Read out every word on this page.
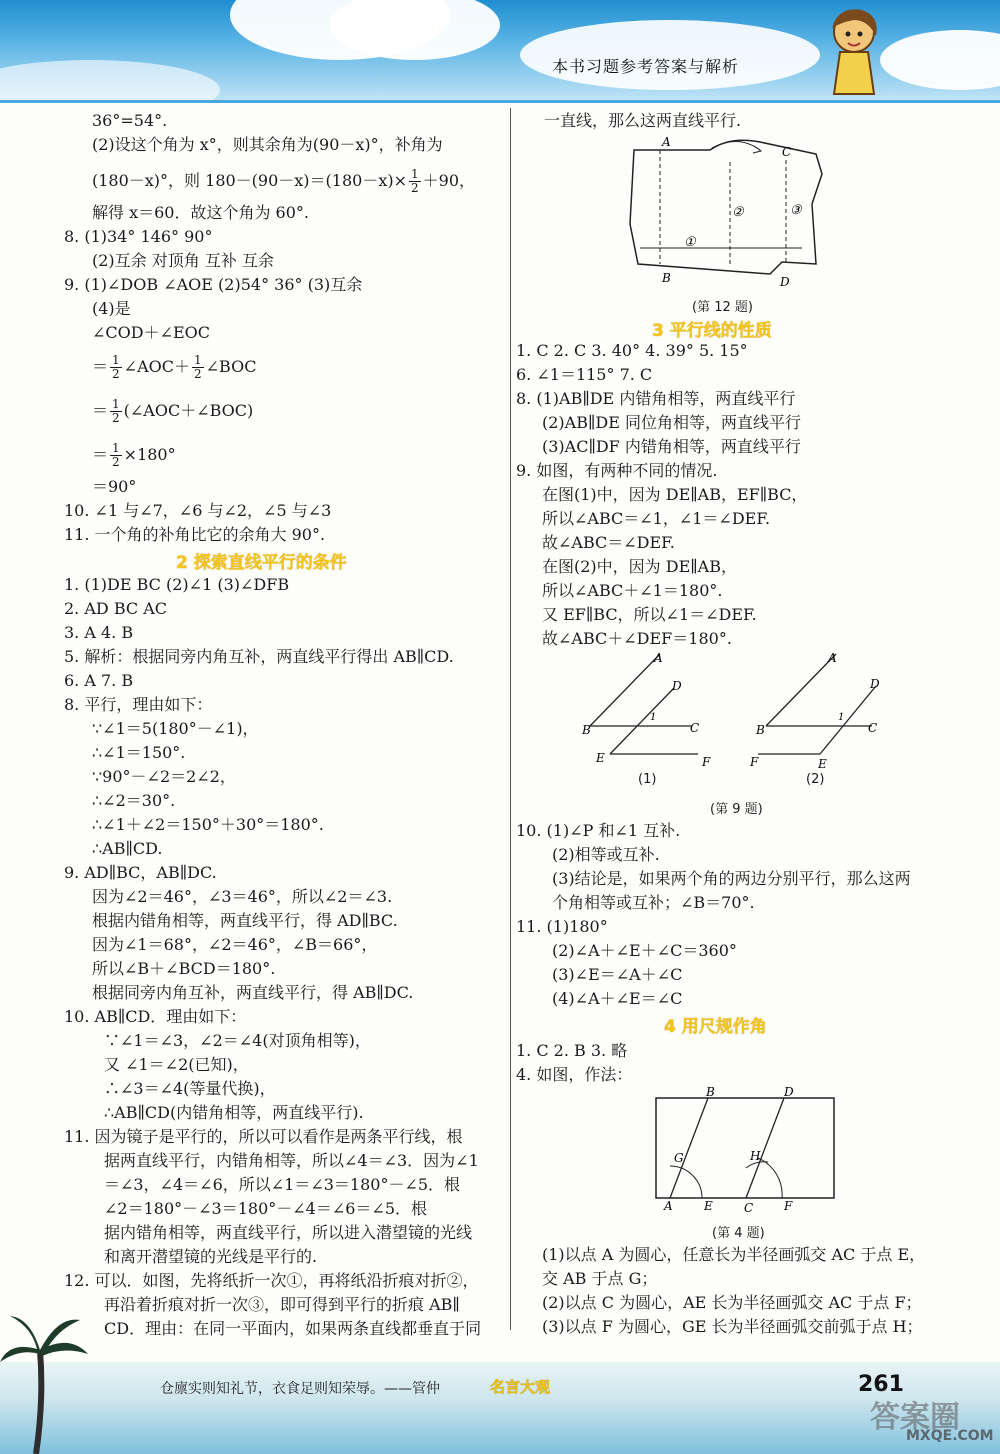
本书习题参考答案与解析
36°=54°.
(2)设这个角为 x°，则其余角为(90－x)°，补角为
(180－x)°，则 $180-(90-x)=(180-x)\times \frac{1}{2} +90$，
解得 x＝60．故这个角为 60°.
8. (1)34° 146° 90°
(2)互余 对顶角 互补 互余
9. (1)∠DOB ∠AOE (2)54° 36° (3)互余
(4)是
∠COD＋∠EOC
＝ $\frac{1}{2}$ ∠AOC＋ $\frac{1}{2}$ ∠BOC
＝ $\frac{1}{2}$ (∠AOC＋∠BOC)
＝ $\frac{1}{2} \times 180^\circ$
＝90°
10. ∠1 与∠7，∠6 与∠2，∠5 与∠3
11. 一个角的补角比它的余角大 90°.
2 探索直线平行的条件
1. (1)DE BC (2)∠1 (3)∠DFB
2. AD BC AC
3. A 4. B
5. 解析：根据同旁内角互补，两直线平行得出 AB∥CD.
6. A 7. B
8. 平行，理由如下：
∵∠1＝5(180°－∠1)，
∴∠1＝150°.
∵90°－∠2＝2∠2，
∴∠2＝30°.
∴∠1＋∠2＝150°＋30°＝180°.
∴AB∥CD.
9. AD∥BC，AB∥DC.
因为∠2＝46°，∠3＝46°，所以∠2＝∠3.
根据内错角相等，两直线平行，得 AD∥BC.
因为∠1＝68°，∠2＝46°，∠B＝66°，
所以∠B＋∠BCD＝180°.
根据同旁内角互补，两直线平行，得 AB∥DC.
10. AB∥CD．理由如下：
∵∠1＝∠3，∠2＝∠4(对顶角相等)，
又 ∠1＝∠2(已知)，
∴∠3＝∠4(等量代换)，
∴AB∥CD(内错角相等，两直线平行).
11. 因为镜子是平行的，所以可以看作是两条平行线，根
据两直线平行，内错角相等，所以∠4＝∠3．因为∠1
＝∠3，∠4＝∠6，所以∠1＝∠3＝180°－∠5．根
∠2＝180°－∠3＝180°－∠4＝∠6＝∠5．根
据内错角相等，两直线平行，所以进入潜望镜的光线
和离开潜望镜的光线是平行的.
12. 可以．如图，先将纸折一次①，再将纸沿折痕对折②，
再沿着折痕对折一次③，即可得到平行的折痕 AB∥
CD．理由：在同一平面内，如果两条直线都垂直于同
一直线，那么这两直线平行.
A
C
B	D
①
②	③
(第 12 题)
3 平行线的性质
1. C 2. C 3. 40° 4. 39° 5. 15°
6. ∠1＝115° 7. C
8. (1)AB∥DE 内错角相等，两直线平行
(2)AB∥DE 同位角相等，两直线平行
(3)AC∥DF 内错角相等，两直线平行
9. 如图，有两种不同的情况.
在图(1)中，因为 DE∥AB，EF∥BC，
所以∠ABC＝∠1，∠1＝∠DEF.
故∠ABC＝∠DEF.
在图(2)中，因为 DE∥AB，
所以∠ABC＋∠1＝180°.
又 EF∥BC，所以∠1＝∠DEF.
故∠ABC＋∠DEF＝180°.
A
D
B	C
E	F
1
A
D
B	C
F	E
1
(1)	(2)
(第 9 题)
10. (1)∠P 和∠1 互补.
(2)相等或互补.
(3)结论是，如果两个角的两边分别平行，那么这两
个角相等或互补；∠B＝70°.
11. (1)180°
(2)∠A＋∠E＋∠C＝360°
(3)∠E＝∠A＋∠C
(4)∠A＋∠E＝∠C
4 用尺规作角
1. C 2. B 3. 略
4. 如图，作法：
B	D
G	H
A	E	C	F
(第 4 题)
(1)以点 A 为圆心，任意长为半径画弧交 AC 于点 E，
交 AB 于点 G；
(2)以点 C 为圆心，AE 长为半径画弧交 AC 于点 F；
(3)以点 F 为圆心，GE 长为半径画弧交前弧于点 H；
仓廪实则知礼节，衣食足则知荣辱。——管仲	名言大观	261
答案圈
MXQE.COM
